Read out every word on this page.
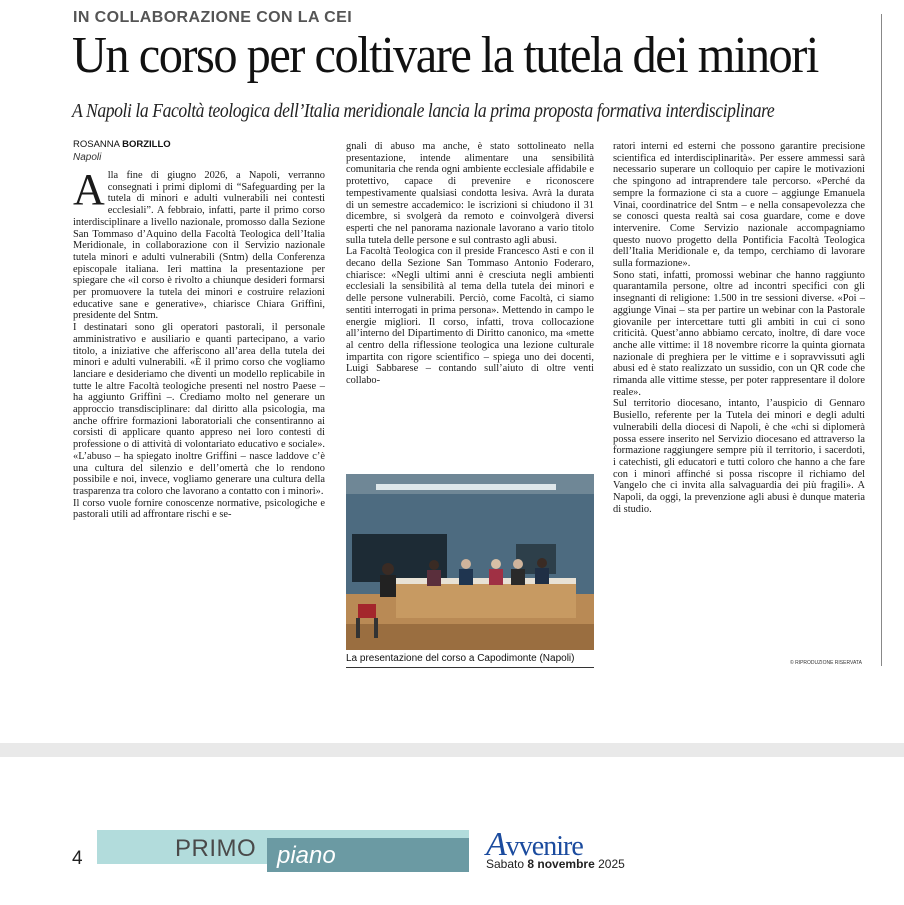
IN COLLABORAZIONE CON LA CEI
Un corso per coltivare la tutela dei minori
A Napoli la Facoltà teologica dell’Italia meridionale lancia la prima proposta formativa interdisciplinare
ROSANNA BORZILLO
Napoli

Alla fine di giugno 2026, a Napoli, verranno consegnati i primi diplomi di “Safeguarding per la tutela di minori e adulti vulnerabili nei contesti ecclesiali”. A febbraio, infatti, parte il primo corso interdisciplinare a livello nazionale, promosso dalla Sezione San Tommaso d’Aquino della Facoltà Teologica dell’Italia Meridionale, in collaborazione con il Servizio nazionale tutela minori e adulti vulnerabili (Sntm) della Conferenza episcopale italiana. Ieri mattina la presentazione per spiegare che «il corso è rivolto a chiunque desideri formarsi per promuovere la tutela dei minori e costruire relazioni educative sane e generative», chiarisce Chiara Griffini, presidente del Sntm.

I destinatari sono gli operatori pastorali, il personale amministrativo e ausiliario e quanti partecipano, a vario titolo, a iniziative che afferiscono all’area della tutela dei minori e adulti vulnerabili. «È il primo corso che vogliamo lanciare e desideriamo che diventi un modello replicabile in tutte le altre Facoltà teologiche presenti nel nostro Paese – ha aggiunto Griffini –. Crediamo molto nel generare un approccio transdisciplinare: dal diritto alla psicologia, ma anche offrire formazioni laboratoriali che consentiranno ai corsisti di applicare quanto appreso nei loro contesti di professione o di attività di volontariato educativo e sociale». «L’abuso – ha spiegato inoltre Griffini – nasce laddove c’è una cultura del silenzio e dell’omertà che lo rendono possibile e noi, invece, vogliamo generare una cultura della trasparenza tra coloro che lavorano a contatto con i minori».

Il corso vuole fornire conoscenze normative, psicologiche e pastorali utili ad affrontare rischi e se-

gnali di abuso ma anche, è stato sottolineato nella presentazione, intende alimentare una sensibilità comunitaria che renda ogni ambiente ecclesiale affidabile e protettivo, capace di prevenire e riconoscere tempestivamente qualsiasi condotta lesiva. Avrà la durata di un semestre accademico: le iscrizioni si chiudono il 31 dicembre, si svolgerà da remoto e coinvolgerà diversi esperti che nel panorama nazionale lavorano a vario titolo sulla tutela delle persone e sul contrasto agli abusi.

La Facoltà Teologica con il preside Francesco Asti e con il decano della Sezione San Tommaso Antonio Foderaro, chiarisce: «Negli ultimi anni è cresciuta negli ambienti ecclesiali la sensibilità al tema della tutela dei minori e delle persone vulnerabili. Perciò, come Facoltà, ci siamo sentiti interrogati in prima persona». Mettendo in campo le energie migliori. Il corso, infatti, trova collocazione all’interno del Dipartimento di Diritto canonico, ma «mette al centro della riflessione teologica una lezione culturale impartita con rigore scientifico – spiega uno dei docenti, Luigi Sabbarese – contando sull’aiuto di oltre venti collabo-

La presentazione del corso a Capodimonte (Napoli)

ratori interni ed esterni che possono garantire precisione scientifica ed interdisciplinarità». Per essere ammessi sarà necessario superare un colloquio per capire le motivazioni che spingono ad intraprendere tale percorso. «Perché da sempre la formazione ci sta a cuore – aggiunge Emanuela Vinai, coordinatrice del Sntm – e nella consapevolezza che se conosci questa realtà sai cosa guardare, come e dove intervenire. Come Servizio nazionale accompagniamo questo nuovo progetto della Pontificia Facoltà Teologica dell’Italia Meridionale e, da tempo, cerchiamo di lavorare sulla formazione».

Sono stati, infatti, promossi webinar che hanno raggiunto quarantamila persone, oltre ad incontri specifici con gli insegnanti di religione: 1.500 in tre sessioni diverse. «Poi – aggiunge Vinai – sta per partire un webinar con la Pastorale giovanile per intercettare tutti gli ambiti in cui ci sono criticità. Quest’anno abbiamo cercato, inoltre, di dare voce anche alle vittime: il 18 novembre ricorre la quinta giornata nazionale di preghiera per le vittime e i sopravvissuti agli abusi ed è stato realizzato un sussidio, con un QR code che rimanda alle vittime stesse, per poter rappresentare il dolore reale».

Sul territorio diocesano, intanto, l’auspicio di Gennaro Busiello, referente per la Tutela dei minori e degli adulti vulnerabili della diocesi di Napoli, è che «chi si diplomerà possa essere inserito nel Servizio diocesano ed attraverso la formazione raggiungere sempre più il territorio, i sacerdoti, i catechisti, gli educatori e tutti coloro che hanno a che fare con i minori affinché si possa riscopre il richiamo del Vangelo che ci invita alla salvaguardia dei più fragili». A Napoli, da oggi, la prevenzione agli abusi è dunque materia di studio.

© RIPRODUZIONE RISERVATA
4	PRIMO piano	Avvenire
Sabato 8 novembre 2025
